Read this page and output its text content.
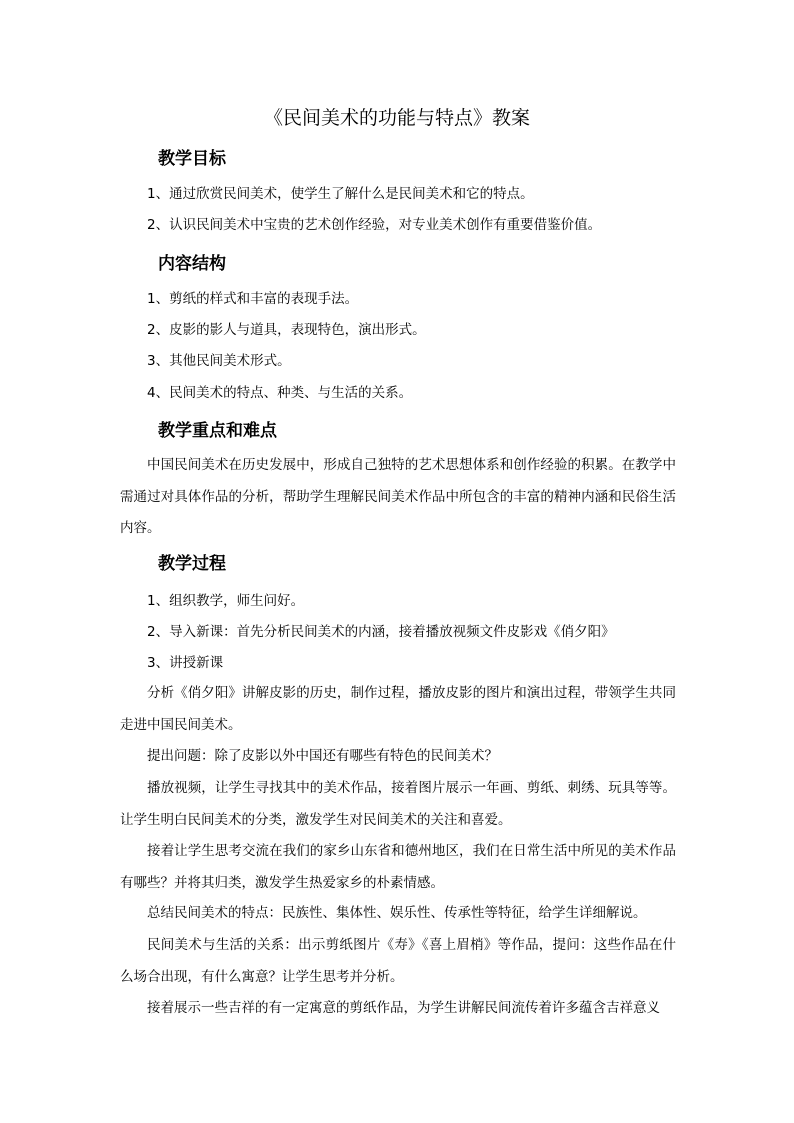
《民间美术的功能与特点》教案
教学目标

1、通过欣赏民间美术，使学生了解什么是民间美术和它的特点。

2、认识民间美术中宝贵的艺术创作经验，对专业美术创作有重要借鉴价值。

内容结构

1、剪纸的样式和丰富的表现手法。

2、皮影的影人与道具，表现特色，演出形式。

3、其他民间美术形式。

4、民间美术的特点、种类、与生活的关系。

教学重点和难点

中国民间美术在历史发展中，形成自己独特的艺术思想体系和创作经验的积累。在教学中需通过对具体作品的分析，帮助学生理解民间美术作品中所包含的丰富的精神内涵和民俗生活内容。

教学过程

1、组织教学，师生问好。

2、导入新课：首先分析民间美术的内涵，接着播放视频文件皮影戏《俏夕阳》

3、讲授新课

分析《俏夕阳》讲解皮影的历史，制作过程，播放皮影的图片和演出过程，带领学生共同走进中国民间美术。

提出问题：除了皮影以外中国还有哪些有特色的民间美术？

播放视频，让学生寻找其中的美术作品，接着图片展示一年画、剪纸、刺绣、玩具等等。让学生明白民间美术的分类，激发学生对民间美术的关注和喜爱。

接着让学生思考交流在我们的家乡山东省和德州地区，我们在日常生活中所见的美术作品有哪些？并将其归类，激发学生热爱家乡的朴素情感。

总结民间美术的特点：民族性、集体性、娱乐性、传承性等特征，给学生详细解说。

民间美术与生活的关系：出示剪纸图片《寿》《喜上眉梢》等作品，提问：这些作品在什么场合出现，有什么寓意？让学生思考并分析。

接着展示一些吉祥的有一定寓意的剪纸作品，为学生讲解民间流传着许多蕴含吉祥意义
